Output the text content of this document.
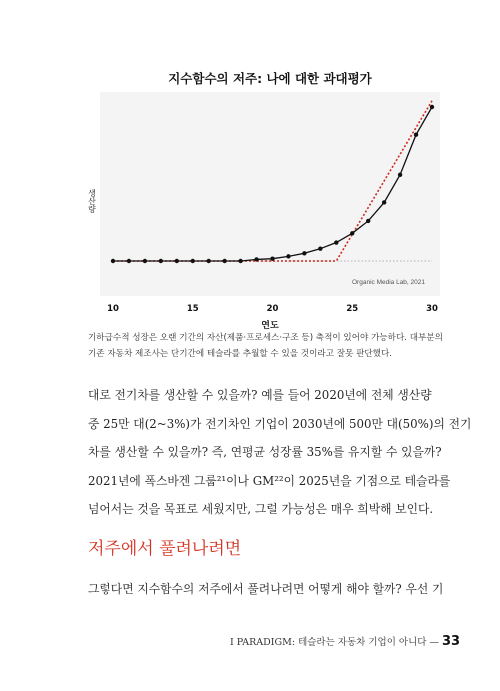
지수함수의 저주: 나에 대한 과대평가
Organic Media Lab, 2021
생산량
10	15	20	25	30
연도
기하급수적 성장은 오랜 기간의 자산(제품·프로세스·구조 등) 축적이 있어야 가능하다. 대부분의
기존 자동차 제조사는 단기간에 테슬라를 추월할 수 있을 것이라고 잘못 판단했다.
대로 전기차를 생산할 수 있을까? 예를 들어 2020년에 전체 생산량
중 25만 대(2~3%)가 전기차인 기업이 2030년에 500만 대(50%)의 전기
차를 생산할 수 있을까? 즉, 연평균 성장률 35%를 유지할 수 있을까?
2021년에 폭스바겐 그룹²¹이나 GM²²이 2025년을 기점으로 테슬라를
넘어서는 것을 목표로 세웠지만, 그럴 가능성은 매우 희박해 보인다.
저주에서 풀려나려면
그렇다면 지수함수의 저주에서 풀려나려면 어떻게 해야 할까? 우선 기
I PARADIGM: 테슬라는 자동차 기업이 아니다 — 33
